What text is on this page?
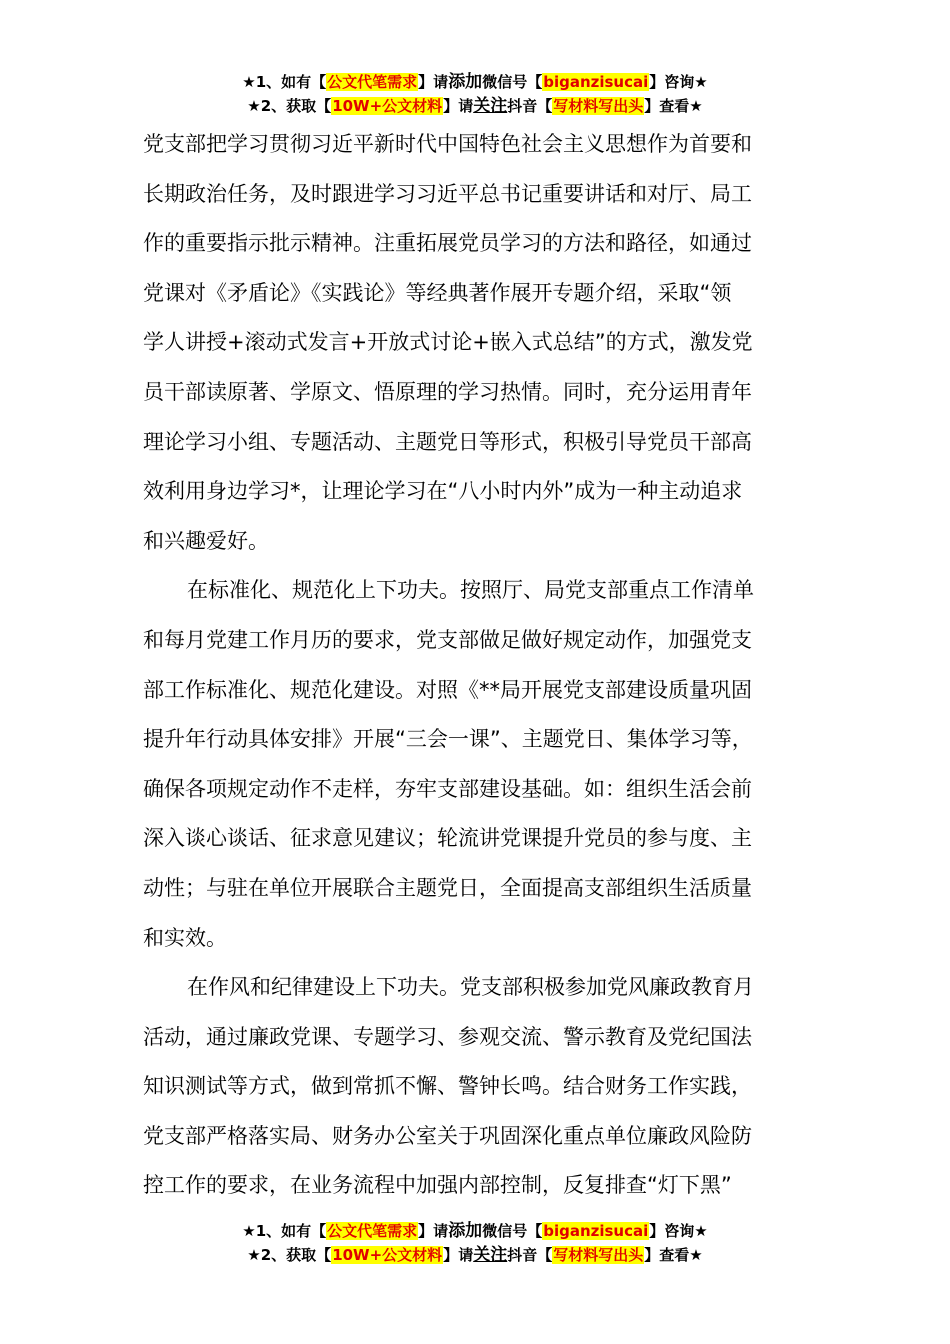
★1、如有【公文代笔需求】请添加微信号【biganzisucai】咨询★
★2、获取【10W+公文材料】请关注抖音【写材料写出头】查看★

党支部把学习贯彻习近平新时代中国特色社会主义思想作为首要和
长期政治任务，及时跟进学习习近平总书记重要讲话和对厅、局工
作的重要指示批示精神。注重拓展党员学习的方法和路径，如通过
党课对《矛盾论》《实践论》等经典著作展开专题介绍，采取“领
学人讲授+滚动式发言+开放式讨论+嵌入式总结”的方式，激发党
员干部读原著、学原文、悟原理的学习热情。同时，充分运用青年
理论学习小组、专题活动、主题党日等形式，积极引导党员干部高
效利用身边学习*，让理论学习在“八小时内外”成为一种主动追求
和兴趣爱好。

在标准化、规范化上下功夫。按照厅、局党支部重点工作清单
和每月党建工作月历的要求，党支部做足做好规定动作，加强党支
部工作标准化、规范化建设。对照《**局开展党支部建设质量巩固
提升年行动具体安排》开展“三会一课”、主题党日、集体学习等，
确保各项规定动作不走样，夯牢支部建设基础。如：组织生活会前
深入谈心谈话、征求意见建议；轮流讲党课提升党员的参与度、主
动性；与驻在单位开展联合主题党日，全面提高支部组织生活质量
和实效。

在作风和纪律建设上下功夫。党支部积极参加党风廉政教育月
活动，通过廉政党课、专题学习、参观交流、警示教育及党纪国法
知识测试等方式，做到常抓不懈、警钟长鸣。结合财务工作实践，
党支部严格落实局、财务办公室关于巩固深化重点单位廉政风险防
控工作的要求，在业务流程中加强内部控制，反复排查“灯下黑”

★1、如有【公文代笔需求】请添加微信号【biganzisucai】咨询★
★2、获取【10W+公文材料】请关注抖音【写材料写出头】查看★
